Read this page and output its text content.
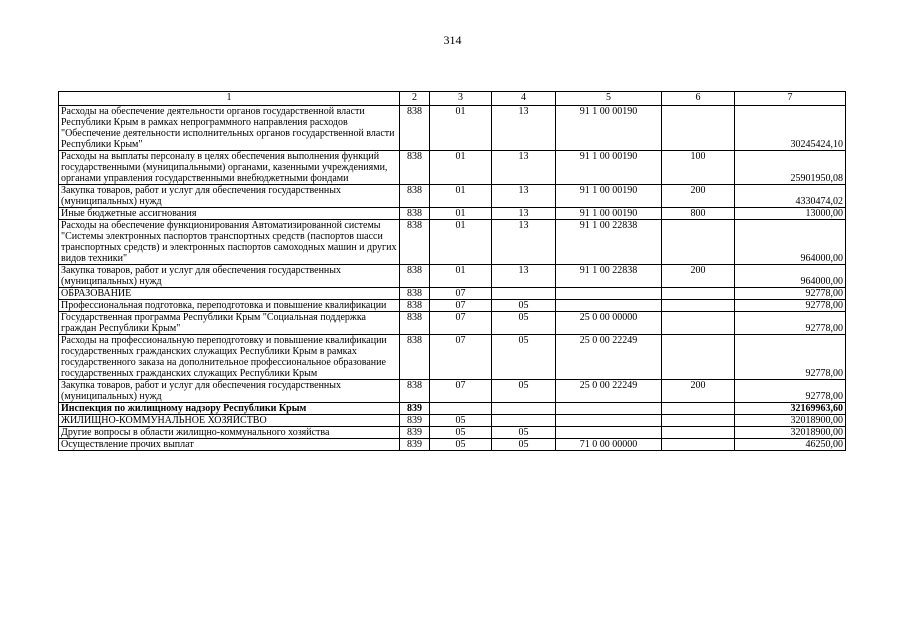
314
1	2	3	4	5	6	7
Расходы на обеспечение деятельности органов государственной власти Республики Крым в рамках непрограммного направления расходов "Обеспечение деятельности исполнительных органов государственной власти Республики Крым"	838	01	13	91 1 00 00190		30245424,10
Расходы на выплаты персоналу в целях обеспечения выполнения функций государственными (муниципальными) органами, казенными учреждениями, органами управления государственными внебюджетными фондами	838	01	13	91 1 00 00190	100	25901950,08
Закупка товаров, работ и услуг для обеспечения государственных (муниципальных) нужд	838	01	13	91 1 00 00190	200	4330474,02
Иные бюджетные ассигнования	838	01	13	91 1 00 00190	800	13000,00
Расходы на обеспечение функционирования Автоматизированной системы "Системы электронных паспортов транспортных средств (паспортов шасси транспортных средств) и электронных паспортов самоходных машин и других видов техники"	838	01	13	91 1 00 22838		964000,00
Закупка товаров, работ и услуг для обеспечения государственных (муниципальных) нужд	838	01	13	91 1 00 22838	200	964000,00
ОБРАЗОВАНИЕ	838	07				92778,00
Профессиональная подготовка, переподготовка и повышение квалификации	838	07	05			92778,00
Государственная программа Республики Крым "Социальная поддержка граждан Республики Крым"	838	07	05	25 0 00 00000		92778,00
Расходы на профессиональную переподготовку и повышение квалификации государственных гражданских служащих Республики Крым в рамках государственного заказа на дополнительное профессиональное образование государственных гражданских служащих Республики Крым	838	07	05	25 0 00 22249		92778,00
Закупка товаров, работ и услуг для обеспечения государственных (муниципальных) нужд	838	07	05	25 0 00 22249	200	92778,00
Инспекция по жилищному надзору Республики Крым	839					32169963,60
ЖИЛИЩНО-КОММУНАЛЬНОЕ ХОЗЯЙСТВО	839	05				32018900,00
Другие вопросы в области жилищно-коммунального хозяйства	839	05	05			32018900,00
Осуществление прочих выплат	839	05	05	71 0 00 00000		46250,00
